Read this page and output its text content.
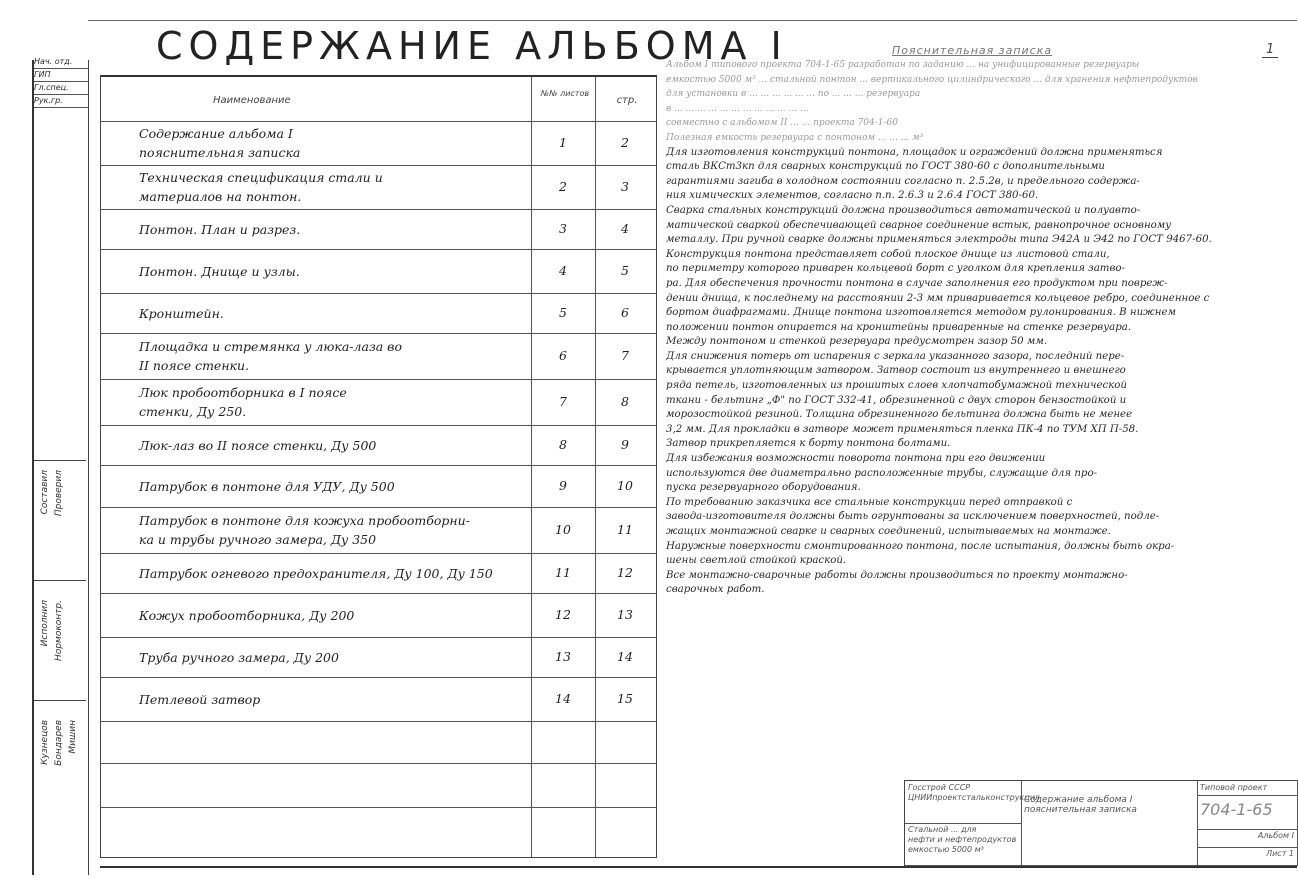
Нач. отд.
ГИП
Гл.спец.
Рук.гр.
Составил Проверил
Исполнил Нормоконтр.
Кузнецов Бондарев Мишин
СОДЕРЖАНИЕ АЛЬБОМА I
Наименование
№№ листов
стр.
Содержание альбома I
пояснительная записка
1	2
Техническая спецификация стали и
материалов на понтон.
2	3
Понтон. План и разрез.	3	4
Понтон. Днище и узлы.	4	5
Кронштейн.	5	6
Площадка и стремянка у люка-лаза во
II поясе стенки.
6	7
Люк пробоотборника в I поясе
стенки, Ду 250.
7	8
Люк-лаз во II поясе стенки, Ду 500	8	9
Патрубок в понтоне для УДУ, Ду 500	9	10
Патрубок в понтоне для кожуха пробоотборни-
ка и трубы ручного замера, Ду 350
10	11
Патрубок огневого предохранителя, Ду 100, Ду 150	11	12
Кожух пробоотборника, Ду 200	12	13
Труба ручного замера, Ду 200	13	14
Петлевой затвор	14	15
Пояснительная записка	1

Альбом I типового проекта 704-1-65 разработан по заданию ... на унифицированные резервуары

емкостью 5000 м³ ... стальной понтон ... вертикального цилиндрического ... для хранения нефтепродуктов

для установки в ... ... ... ... ... ... по ... ... ... резервуара

в ... ... ... ... ... ... ... ... ... ... ... ...

совместно с альбомом II ... ... проекта 704-1-60

Полезная емкость резервуара с понтоном ... ... ... м³

Для изготовления конструкций понтона, площадок и ограждений должна применяться

сталь ВКСт3кп для сварных конструкций по ГОСТ 380-60 с дополнительными

гарантиями загиба в холодном состоянии согласно п. 2.5.2в, и предельного содержа-

ния химических элементов, согласно п.п. 2.6.3 и 2.6.4 ГОСТ 380-60.

Сварка стальных конструкций должна производиться автоматической и полуавто-

матической сваркой обеспечивающей сварное соединение встык, равнопрочное основному

металлу. При ручной сварке должны применяться электроды типа Э42А и Э42 по ГОСТ 9467-60.

Конструкция понтона представляет собой плоское днище из листовой стали,

по периметру которого приварен кольцевой борт с уголком для крепления затво-

ра. Для обеспечения прочности понтона в случае заполнения его продуктом при повреж-

дении днища, к последнему на расстоянии 2-3 мм приваривается кольцевое ребро, соединенное с

бортом диафрагмами. Днище понтона изготовляется методом рулонирования. В нижнем

положении понтон опирается на кронштейны приваренные на стенке резервуара.

Между понтоном и стенкой резервуара предусмотрен зазор 50 мм.

Для снижения потерь от испарения с зеркала указанного зазора, последний пере-

крывается уплотняющим затвором. Затвор состоит из внутреннего и внешнего

ряда петель, изготовленных из прошитых слоев хлопчатобумажной технической

ткани - бельтинг „Ф" по ГОСТ 332-41, обрезиненной с двух сторон бензостойкой и

морозостойкой резиной. Толщина обрезиненного бельтинга должна быть не менее

3,2 мм. Для прокладки в затворе может применяться пленка ПК-4 по ТУМ ХП П-58.

Затвор прикрепляется к борту понтона болтами.

Для избежания возможности поворота понтона при его движении

используются две диаметрально расположенные трубы, служащие для про-

пуска резервуарного оборудования.

По требованию заказчика все стальные конструкции перед отправкой с

завода-изготовителя должны быть огрунтованы за исключением поверхностей, подле-

жащих монтажной сварке и сварных соединений, испытываемых на монтаже.

Наружные поверхности смонтированного понтона, после испытания, должны быть окра-

шены светлой стойкой краской.

Все монтажно-сварочные работы должны производиться по проекту монтажно-

сварочных работ.

Госстрой СССР
ЦНИИпроектстальконструкция
Стальной ... для
нефти и нефтепродуктов
емкостью 5000 м³
Содержание альбома I
пояснительная записка
Типовой проект
704-1-65
Альбом I
Лист 1
